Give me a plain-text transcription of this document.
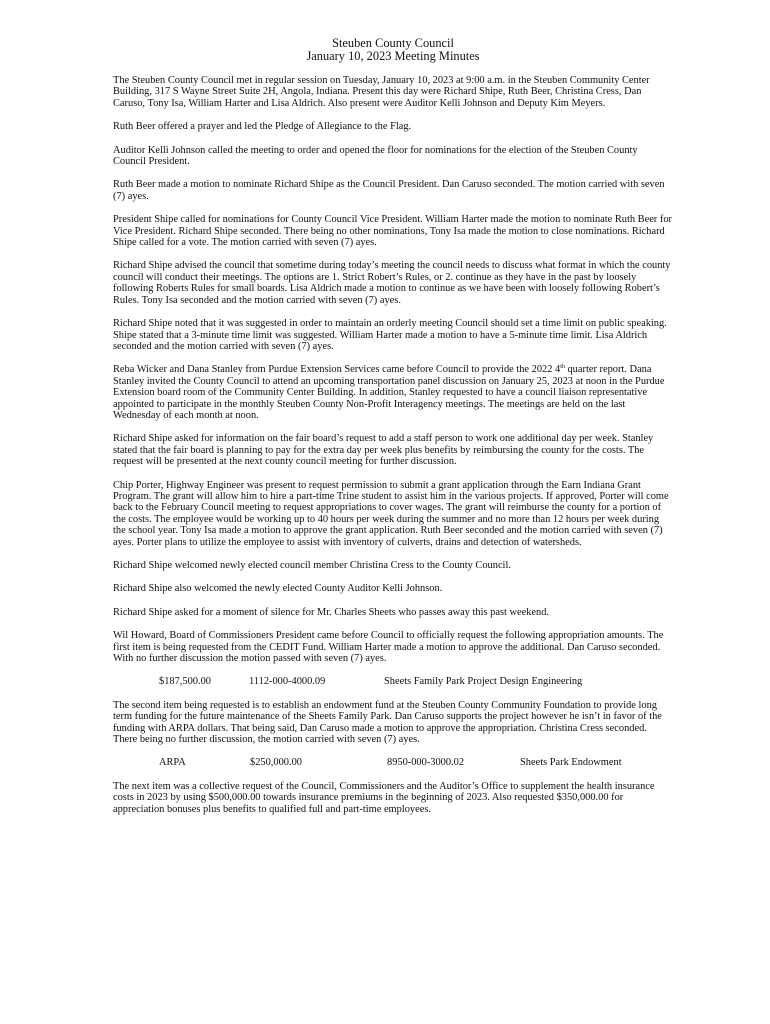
Steuben County Council
January 10, 2023 Meeting Minutes

The Steuben County Council met in regular session on Tuesday, January 10, 2023 at 9:00 a.m. in the Steuben Community Center Building, 317 S Wayne Street Suite 2H, Angola, Indiana. Present this day were Richard Shipe, Ruth Beer, Christina Cress, Dan Caruso, Tony Isa, William Harter and Lisa Aldrich. Also present were Auditor Kelli Johnson and Deputy Kim Meyers.

Ruth Beer offered a prayer and led the Pledge of Allegiance to the Flag.

Auditor Kelli Johnson called the meeting to order and opened the floor for nominations for the election of the Steuben County Council President.

Ruth Beer made a motion to nominate Richard Shipe as the Council President. Dan Caruso seconded. The motion carried with seven (7) ayes.

President Shipe called for nominations for County Council Vice President. William Harter made the motion to nominate Ruth Beer for Vice President. Richard Shipe seconded. There being no other nominations, Tony Isa made the motion to close nominations. Richard Shipe called for a vote. The motion carried with seven (7) ayes.

Richard Shipe advised the council that sometime during today’s meeting the council needs to discuss what format in which the county council will conduct their meetings. The options are 1. Strict Robert’s Rules, or 2. continue as they have in the past by loosely following Roberts Rules for small boards. Lisa Aldrich made a motion to continue as we have been with loosely following Robert’s Rules. Tony Isa seconded and the motion carried with seven (7) ayes.

Richard Shipe noted that it was suggested in order to maintain an orderly meeting Council should set a time limit on public speaking. Shipe stated that a 3-minute time limit was suggested. William Harter made a motion to have a 5-minute time limit. Lisa Aldrich seconded and the motion carried with seven (7) ayes.

Reba Wicker and Dana Stanley from Purdue Extension Services came before Council to provide the 2022 4th quarter report. Dana Stanley invited the County Council to attend an upcoming transportation panel discussion on January 25, 2023 at noon in the Purdue Extension board room of the Community Center Building. In addition, Stanley requested to have a council liaison representative appointed to participate in the monthly Steuben County Non-Profit Interagency meetings. The meetings are held on the last Wednesday of each month at noon.

Richard Shipe asked for information on the fair board’s request to add a staff person to work one additional day per week. Stanley stated that the fair board is planning to pay for the extra day per week plus benefits by reimbursing the county for the costs. The request will be presented at the next county council meeting for further discussion.

Chip Porter, Highway Engineer was present to request permission to submit a grant application through the Earn Indiana Grant Program. The grant will allow him to hire a part-time Trine student to assist him in the various projects. If approved, Porter will come back to the February Council meeting to request appropriations to cover wages. The grant will reimburse the county for a portion of the costs. The employee would be working up to 40 hours per week during the summer and no more than 12 hours per week during the school year. Tony Isa made a motion to approve the grant application. Ruth Beer seconded and the motion carried with seven (7) ayes. Porter plans to utilize the employee to assist with inventory of culverts, drains and detection of watersheds.

Richard Shipe welcomed newly elected council member Christina Cress to the County Council.

Richard Shipe also welcomed the newly elected County Auditor Kelli Johnson.

Richard Shipe asked for a moment of silence for Mr. Charles Sheets who passes away this past weekend.

Wil Howard, Board of Commissioners President came before Council to officially request the following appropriation amounts. The first item is being requested from the CEDIT Fund. William Harter made a motion to approve the additional. Dan Caruso seconded. With no further discussion the motion passed with seven (7) ayes.

$187,500.00	1112-000-4000.09	Sheets Family Park Project Design Engineering

The second item being requested is to establish an endowment fund at the Steuben County Community Foundation to provide long term funding for the future maintenance of the Sheets Family Park. Dan Caruso supports the project however he isn’t in favor of the funding with ARPA dollars. That being said, Dan Caruso made a motion to approve the appropriation. Christina Cress seconded. There being no further discussion, the motion carried with seven (7) ayes.

ARPA	$250,000.00	8950-000-3000.02	Sheets Park Endowment

The next item was a collective request of the Council, Commissioners and the Auditor’s Office to supplement the health insurance costs in 2023 by using $500,000.00 towards insurance premiums in the beginning of 2023. Also requested $350,000.00 for appreciation bonuses plus benefits to qualified full and part-time employees.
